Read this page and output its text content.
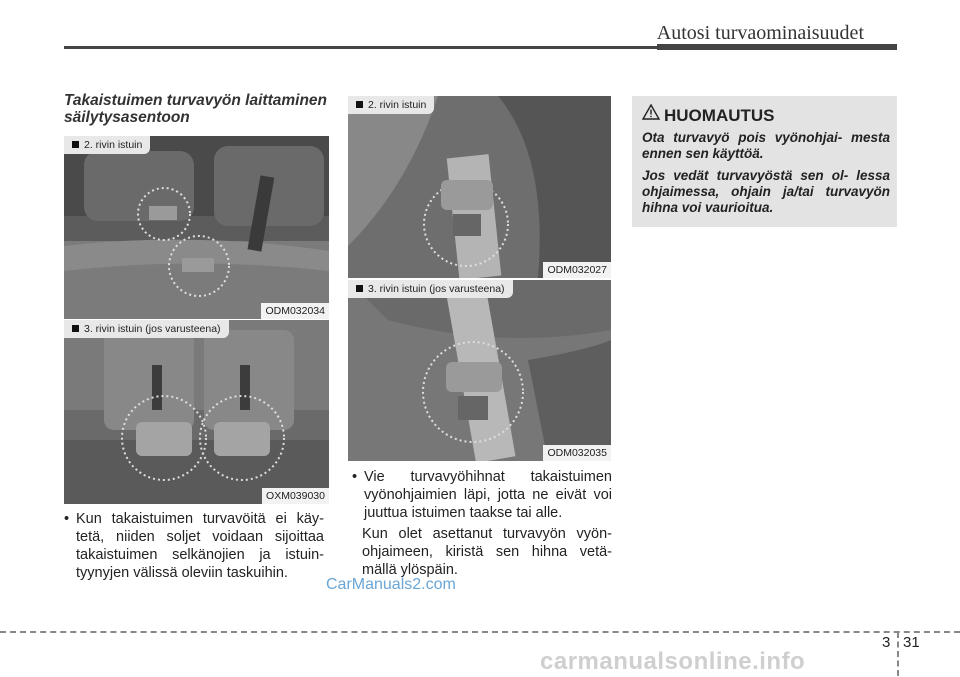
Autosi turvaominaisuudet
Takaistuimen turvavyön laittaminen säilytysasentoon
2. rivin istuin
ODM032034
3. rivin istuin (jos varusteena)
OXM039030
2. rivin istuin
ODM032027
3. rivin istuin (jos varusteena)
ODM032035
• Kun takaistuimen turvavöitä ei käy- tetä, niiden soljet voidaan sijoittaa takaistuimen selkänojien ja istuin- tyynyjen välissä oleviin taskuihin.
• Vie turvavyöhihnat takaistuimen vyönohjaimien läpi, jotta ne eivät voi juuttua istuimen taakse tai alle.
Kun olet asettanut turvavyön vyön- ohjaimeen, kiristä sen hihna vetä- mällä ylöspäin.
HUOMAUTUS
Ota turvavyö pois vyönohjai- mesta ennen sen käyttöä.
Jos vedät turvavyöstä sen ol- lessa ohjaimessa, ohjain ja/tai turvavyön hihna voi vaurioitua.
CarManuals2.com
3 31
carmanualsonline.info
